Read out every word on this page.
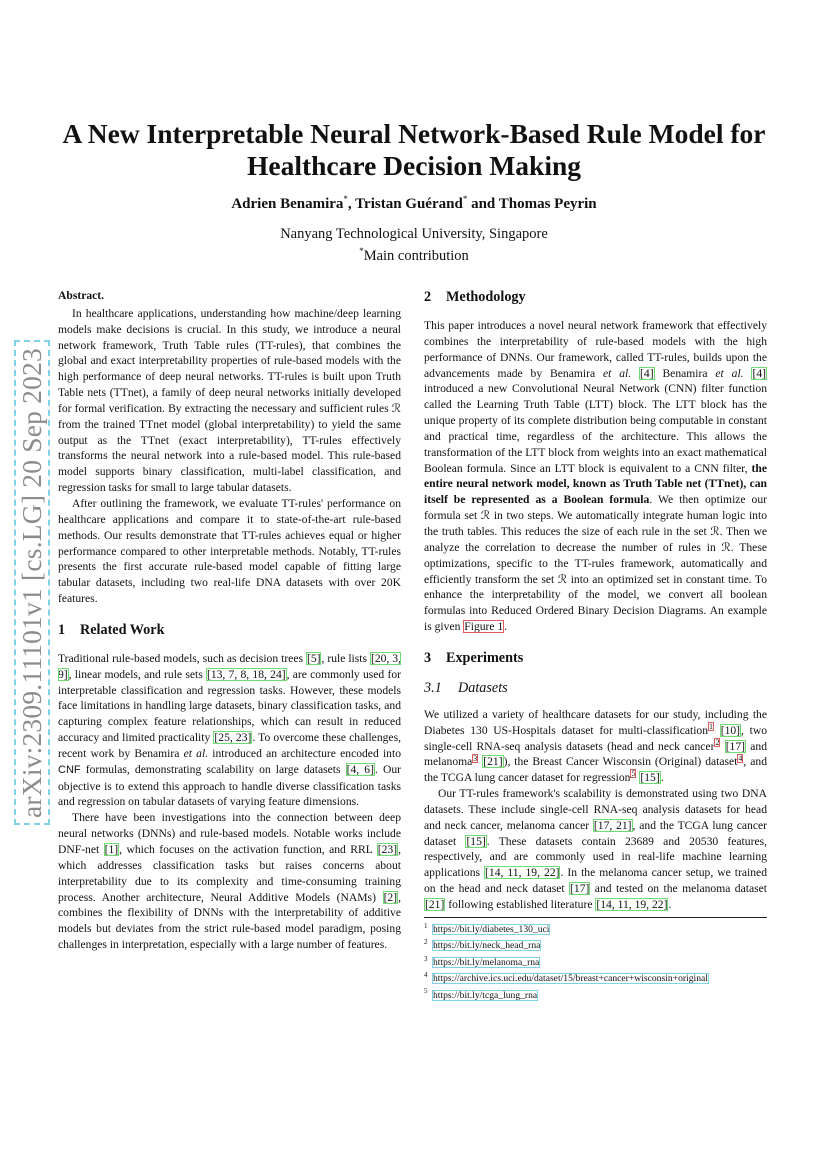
arXiv:2309.11101v1 [cs.LG] 20 Sep 2023
A New Interpretable Neural Network-Based Rule Model for Healthcare Decision Making
Adrien Benamira*, Tristan Guérand* and Thomas Peyrin
Nanyang Technological University, Singapore
*Main contribution
Abstract.

In healthcare applications, understanding how machine/deep learning models make decisions is crucial. In this study, we introduce a neural network framework, Truth Table rules (TT-rules), that combines the global and exact interpretability properties of rule-based models with the high performance of deep neural networks. TT-rules is built upon Truth Table nets (TTnet), a family of deep neural networks initially developed for formal verification. By extracting the necessary and sufficient rules ℛ from the trained TTnet model (global interpretability) to yield the same output as the TTnet (exact interpretability), TT-rules effectively transforms the neural network into a rule-based model. This rule-based model supports binary classification, multi-label classification, and regression tasks for small to large tabular datasets.

After outlining the framework, we evaluate TT-rules' performance on healthcare applications and compare it to state-of-the-art rule-based methods. Our results demonstrate that TT-rules achieves equal or higher performance compared to other interpretable methods. Notably, TT-rules presents the first accurate rule-based model capable of fitting large tabular datasets, including two real-life DNA datasets with over 20K features.

1 Related Work

Traditional rule-based models, such as decision trees [5], rule lists [20, 3, 9], linear models, and rule sets [13, 7, 8, 18, 24], are commonly used for interpretable classification and regression tasks. However, these models face limitations in handling large datasets, binary classification tasks, and capturing complex feature relationships, which can result in reduced accuracy and limited practicality [25, 23]. To overcome these challenges, recent work by Benamira et al. introduced an architecture encoded into CNF formulas, demonstrating scalability on large datasets [4, 6]. Our objective is to extend this approach to handle diverse classification tasks and regression on tabular datasets of varying feature dimensions.

There have been investigations into the connection between deep neural networks (DNNs) and rule-based models. Notable works include DNF-net [1], which focuses on the activation function, and RRL [23], which addresses classification tasks but raises concerns about interpretability due to its complexity and time-consuming training process. Another architecture, Neural Additive Models (NAMs) [2], combines the flexibility of DNNs with the interpretability of additive models but deviates from the strict rule-based model paradigm, posing challenges in interpretation, especially with a large number of features.

2 Methodology

This paper introduces a novel neural network framework that effectively combines the interpretability of rule-based models with the high performance of DNNs. Our framework, called TT-rules, builds upon the advancements made by Benamira et al. [4] Benamira et al. [4] introduced a new Convolutional Neural Network (CNN) filter function called the Learning Truth Table (LTT) block. The LTT block has the unique property of its complete distribution being computable in constant and practical time, regardless of the architecture. This allows the transformation of the LTT block from weights into an exact mathematical Boolean formula. Since an LTT block is equivalent to a CNN filter, the entire neural network model, known as Truth Table net (TTnet), can itself be represented as a Boolean formula. We then optimize our formula set ℛ in two steps. We automatically integrate human logic into the truth tables. This reduces the size of each rule in the set ℛ. Then we analyze the correlation to decrease the number of rules in ℛ. These optimizations, specific to the TT-rules framework, automatically and efficiently transform the set ℛ into an optimized set in constant time. To enhance the interpretability of the model, we convert all boolean formulas into Reduced Ordered Binary Decision Diagrams. An example is given Figure 1.

3 Experiments
3.1 Datasets

We utilized a variety of healthcare datasets for our study, including the Diabetes 130 US-Hospitals dataset for multi-classification$^1$ [10], two single-cell RNA-seq analysis datasets (head and neck cancer$^2$ [17] and melanoma$^3$ [21]), the Breast Cancer Wisconsin (Original) dataset$^4$, and the TCGA lung cancer dataset for regression$^5$ [15].

Our TT-rules framework's scalability is demonstrated using two DNA datasets. These include single-cell RNA-seq analysis datasets for head and neck cancer, melanoma cancer [17, 21], and the TCGA lung cancer dataset [15]. These datasets contain 23689 and 20530 features, respectively, and are commonly used in real-life machine learning applications [14, 11, 19, 22]. In the melanoma cancer setup, we trained on the head and neck dataset [17] and tested on the melanoma dataset [21] following established literature [14, 11, 19, 22].

$^1$ https://bit.ly/diabetes_130_uci
$^2$ https://bit.ly/neck_head_rna
$^3$ https://bit.ly/melanoma_rna
$^4$ https://archive.ics.uci.edu/dataset/15/breast+cancer+wisconsin+original
$^5$ https://bit.ly/tcga_lung_rna
